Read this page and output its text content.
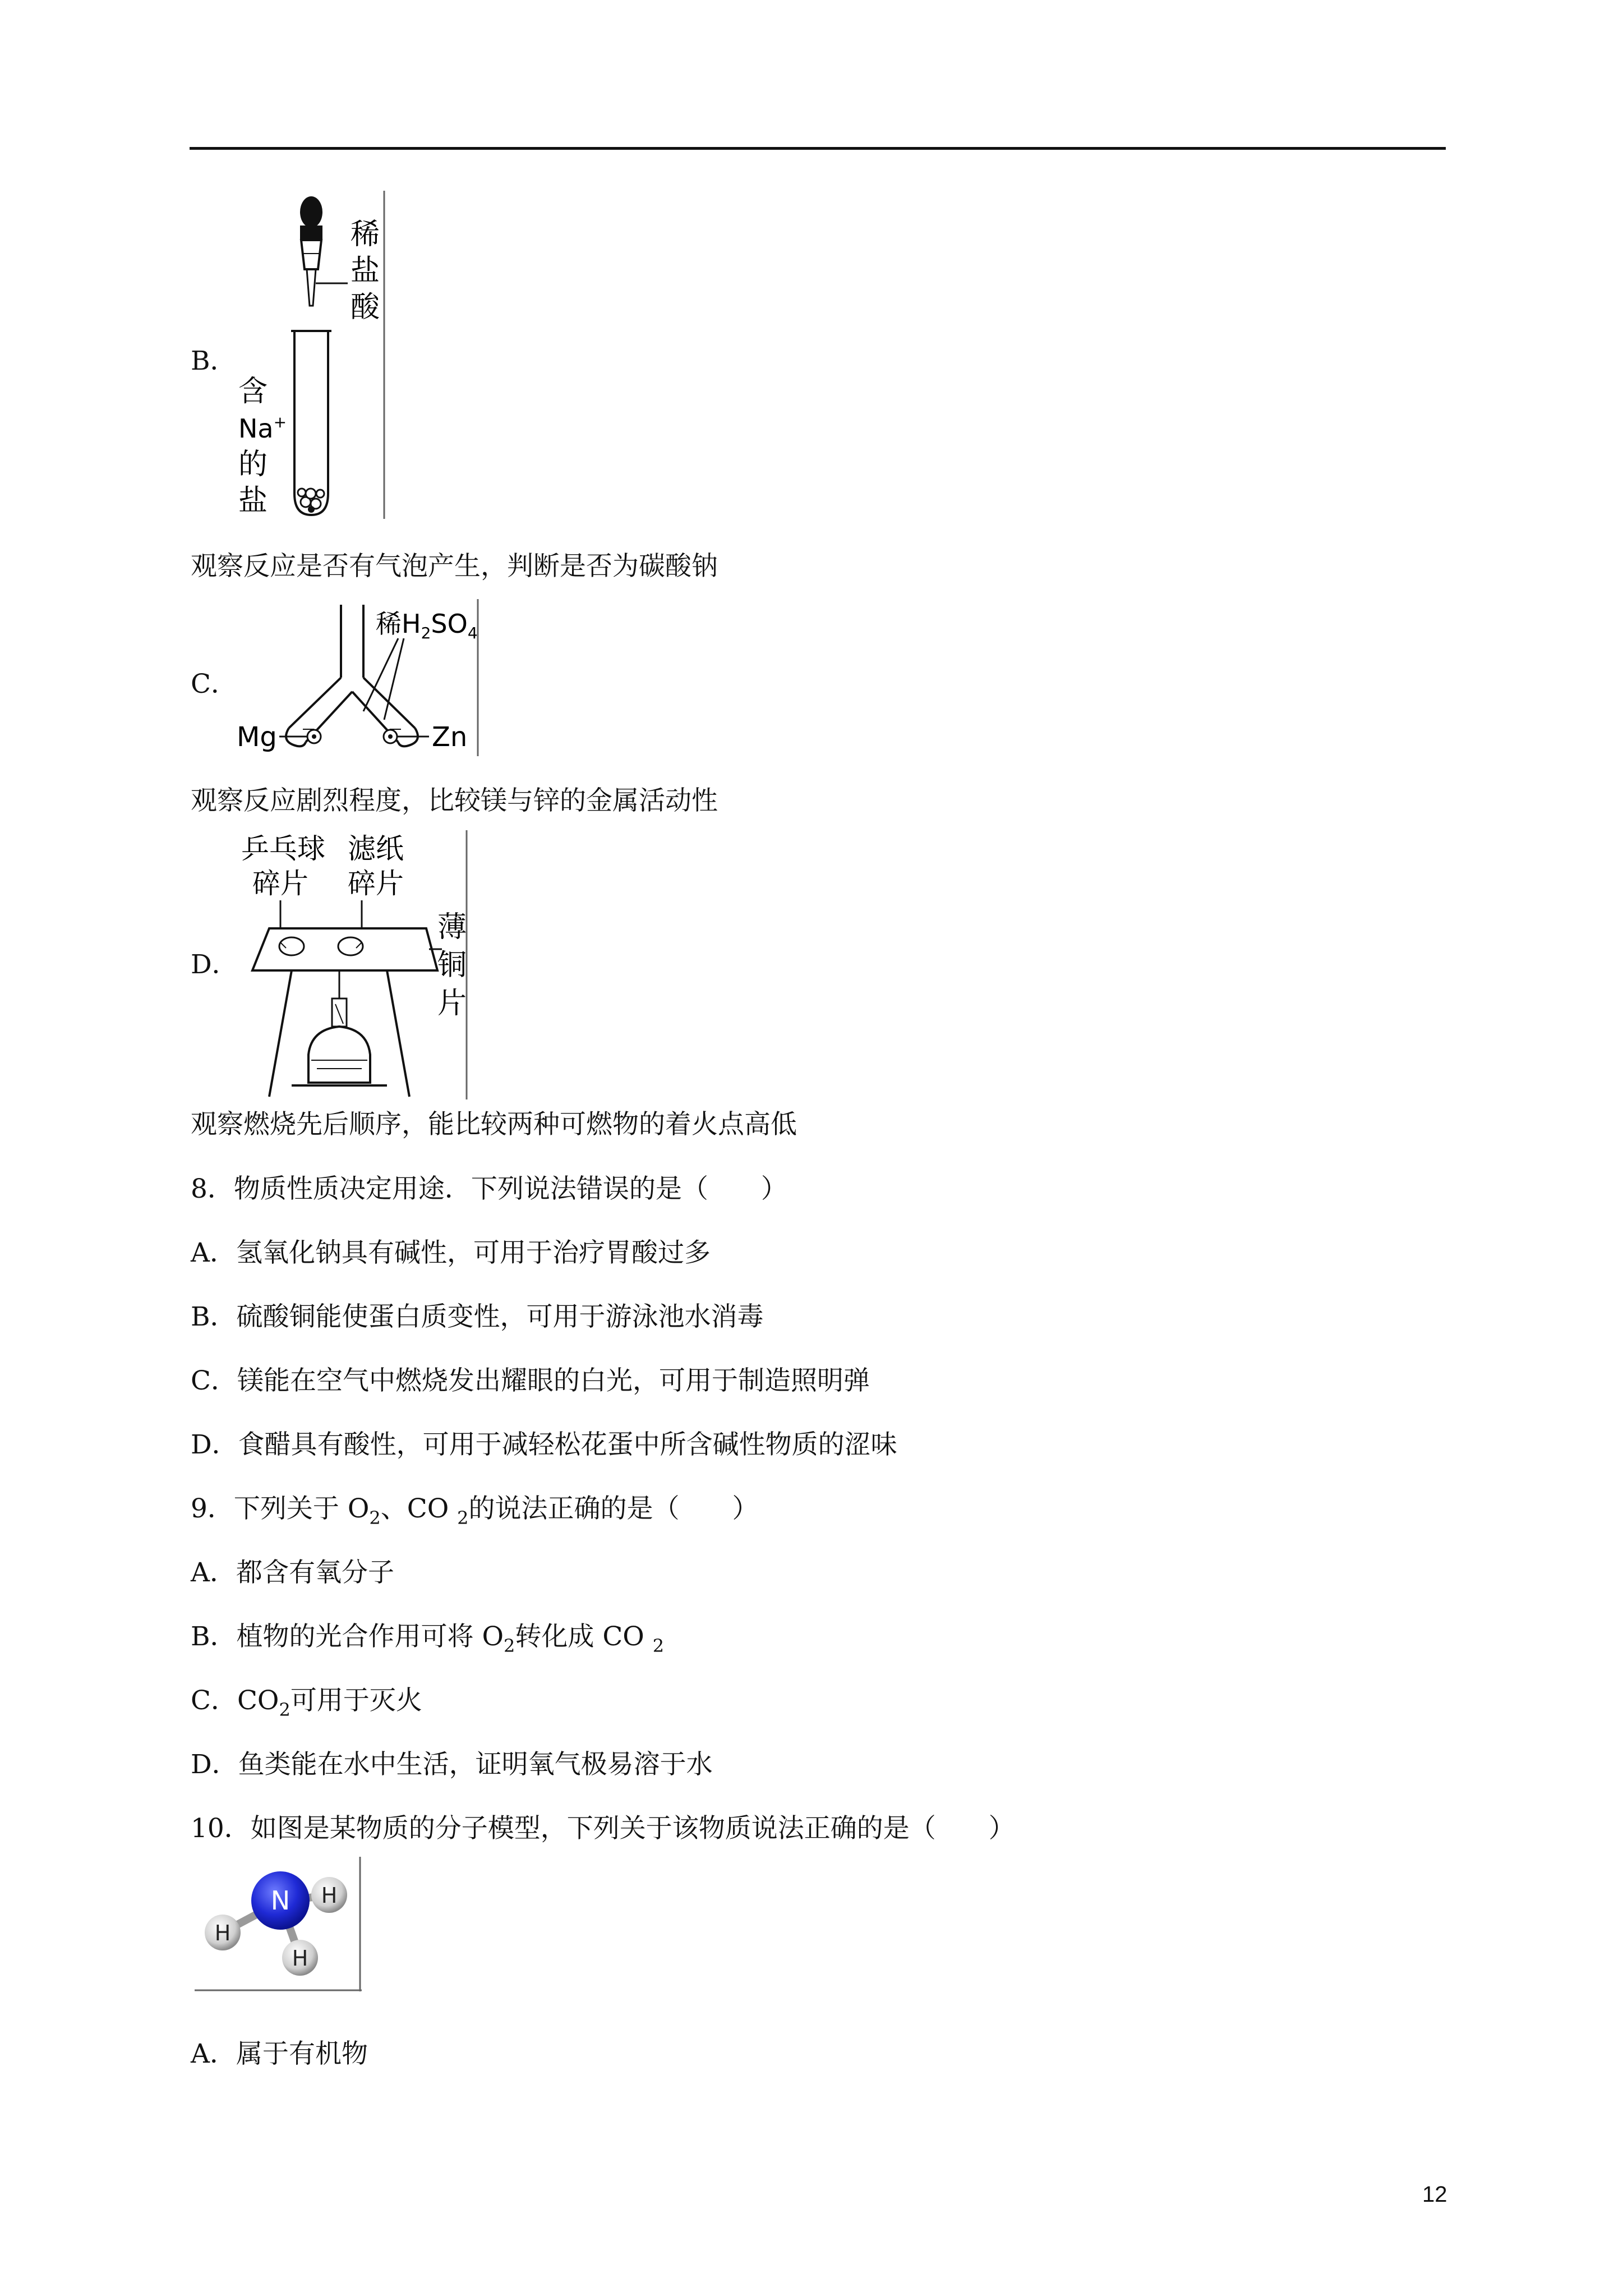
B．
稀
盐
酸
含
Na+
的
盐
观察反应是否有气泡产生，判断是否为碳酸钠
C．
稀$H_2SO_4$
Mg	Zn
观察反应剧烈程度，比较镁与锌的金属活动性
D．
乒乓球
碎片
滤纸
碎片
薄
铜
片
观察燃烧先后顺序，能比较两种可燃物的着火点高低
8．物质性质决定用途．下列说法错误的是（　　）
A．氢氧化钠具有碱性，可用于治疗胃酸过多
B．硫酸铜能使蛋白质变性，可用于游泳池水消毒
C．镁能在空气中燃烧发出耀眼的白光，可用于制造照明弹
D．食醋具有酸性，可用于减轻松花蛋中所含碱性物质的涩味
9．下列关于 $O_2$、CO $_2$的说法正确的是（　　）
A．都含有氧分子
B．植物的光合作用可将 $O_2$转化成 CO $_2$
C．$CO_2$可用于灭火
D．鱼类能在水中生活，证明氧气极易溶于水
10．如图是某物质的分子模型，下列关于该物质说法正确的是（　　）
N H
H
H
A．属于有机物
12
